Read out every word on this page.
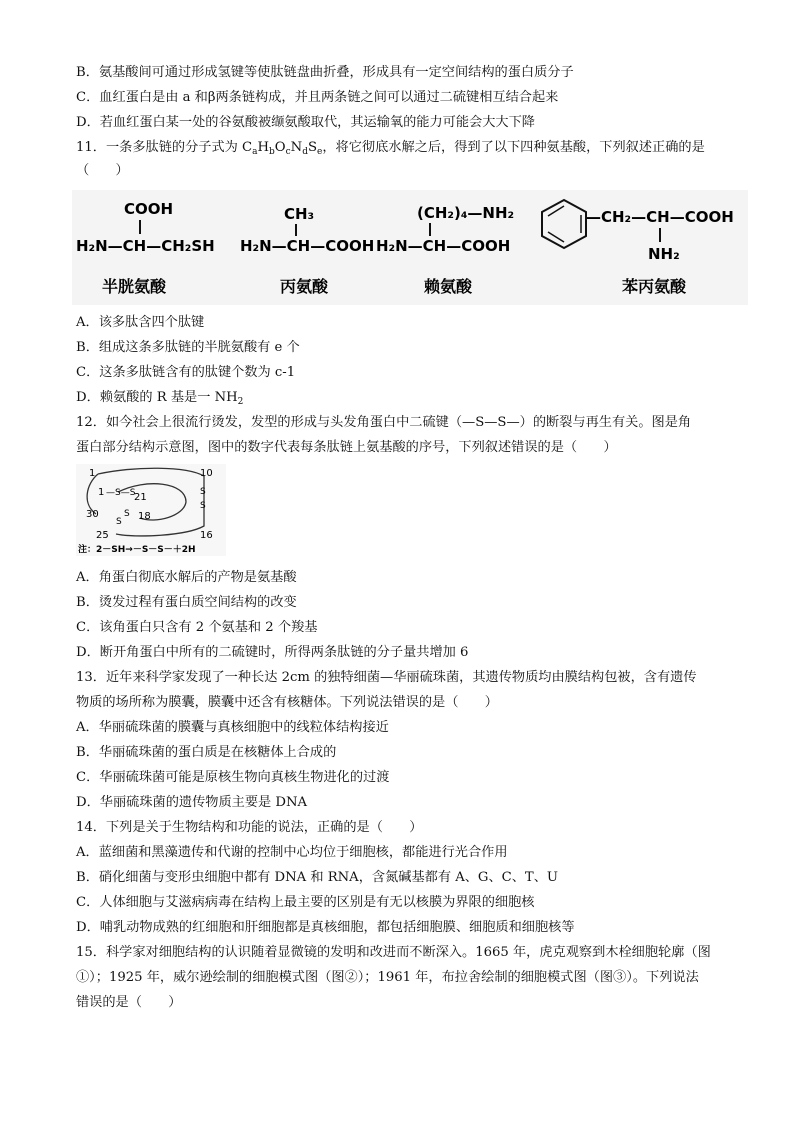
B．氨基酸间可通过形成氢键等使肽链盘曲折叠，形成具有一定空间结构的蛋白质分子
C．血红蛋白是由 a 和β两条链构成，并且两条链之间可以通过二硫键相互结合起来
D．若血红蛋白某一处的谷氨酸被缬氨酸取代，其运输氧的能力可能会大大下降
11．一条多肽链的分子式为 $C_aH_bO_cN_dS_e$，将它彻底水解之后，得到了以下四种氨基酸，下列叙述正确的是
（　　）
COOH
H₂N—CH—CH₂SH
半胱氨酸
CH₃
H₂N—CH—COOH
丙氨酸
(CH₂)₄—NH₂
H₂N—CH—COOH
赖氨酸
—CH₂—CH—COOH
NH₂
苯丙氨酸
A．该多肽含四个肽键
B．组成这条多肽链的半胱氨酸有 e 个
C．这条多肽链含有的肽键个数为 c-1
D．赖氨酸的 R 基是一 $NH_2$
12．如今社会上很流行烫发，发型的形成与头发角蛋白中二硫键（—S—S—）的断裂与再生有关。图是角
蛋白部分结构示意图，图中的数字代表每条肽链上氨基酸的序号，下列叙述错误的是（　　）
1	10
1 —S—S
21
18
S
S
30
25
S
S
16
注：2－SH→－S－S－＋2H
A．角蛋白彻底水解后的产物是氨基酸
B．烫发过程有蛋白质空间结构的改变
C．该角蛋白只含有 2 个氨基和 2 个羧基
D．断开角蛋白中所有的二硫键时，所得两条肽链的分子量共增加 6
13．近年来科学家发现了一种长达 2cm 的独特细菌—华丽硫珠菌，其遗传物质均由膜结构包被，含有遗传
物质的场所称为膜囊，膜囊中还含有核糖体。下列说法错误的是（　　）
A．华丽硫珠菌的膜囊与真核细胞中的线粒体结构接近
B．华丽硫珠菌的蛋白质是在核糖体上合成的
C．华丽硫珠菌可能是原核生物向真核生物进化的过渡
D．华丽硫珠菌的遗传物质主要是 DNA
14．下列是关于生物结构和功能的说法，正确的是（　　）
A．蓝细菌和黑藻遗传和代谢的控制中心均位于细胞核，都能进行光合作用
B．硝化细菌与变形虫细胞中都有 DNA 和 RNA，含氮碱基都有 A、G、C、T、U
C．人体细胞与艾滋病病毒在结构上最主要的区别是有无以核膜为界限的细胞核
D．哺乳动物成熟的红细胞和肝细胞都是真核细胞，都包括细胞膜、细胞质和细胞核等
15．科学家对细胞结构的认识随着显微镜的发明和改进而不断深入。1665 年，虎克观察到木栓细胞轮廓（图
①）；1925 年，威尔逊绘制的细胞模式图（图②）；1961 年，布拉舍绘制的细胞模式图（图③）。下列说法
错误的是（　　）
